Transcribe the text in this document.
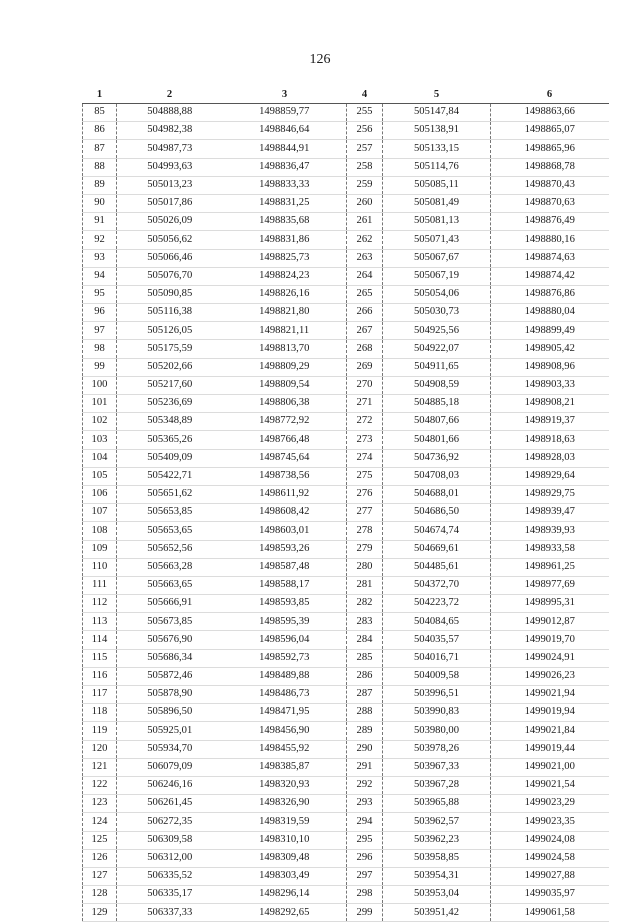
126
1	2	3	4	5	6
85	504888,88	1498859,77	255	505147,84	1498863,66
86	504982,38	1498846,64	256	505138,91	1498865,07
87	504987,73	1498844,91	257	505133,15	1498865,96
88	504993,63	1498836,47	258	505114,76	1498868,78
89	505013,23	1498833,33	259	505085,11	1498870,43
90	505017,86	1498831,25	260	505081,49	1498870,63
91	505026,09	1498835,68	261	505081,13	1498876,49
92	505056,62	1498831,86	262	505071,43	1498880,16
93	505066,46	1498825,73	263	505067,67	1498874,63
94	505076,70	1498824,23	264	505067,19	1498874,42
95	505090,85	1498826,16	265	505054,06	1498876,86
96	505116,38	1498821,80	266	505030,73	1498880,04
97	505126,05	1498821,11	267	504925,56	1498899,49
98	505175,59	1498813,70	268	504922,07	1498905,42
99	505202,66	1498809,29	269	504911,65	1498908,96
100	505217,60	1498809,54	270	504908,59	1498903,33
101	505236,69	1498806,38	271	504885,18	1498908,21
102	505348,89	1498772,92	272	504807,66	1498919,37
103	505365,26	1498766,48	273	504801,66	1498918,63
104	505409,09	1498745,64	274	504736,92	1498928,03
105	505422,71	1498738,56	275	504708,03	1498929,64
106	505651,62	1498611,92	276	504688,01	1498929,75
107	505653,85	1498608,42	277	504686,50	1498939,47
108	505653,65	1498603,01	278	504674,74	1498939,93
109	505652,56	1498593,26	279	504669,61	1498933,58
110	505663,28	1498587,48	280	504485,61	1498961,25
111	505663,65	1498588,17	281	504372,70	1498977,69
112	505666,91	1498593,85	282	504223,72	1498995,31
113	505673,85	1498595,39	283	504084,65	1499012,87
114	505676,90	1498596,04	284	504035,57	1499019,70
115	505686,34	1498592,73	285	504016,71	1499024,91
116	505872,46	1498489,88	286	504009,58	1499026,23
117	505878,90	1498486,73	287	503996,51	1499021,94
118	505896,50	1498471,95	288	503990,83	1499019,94
119	505925,01	1498456,90	289	503980,00	1499021,84
120	505934,70	1498455,92	290	503978,26	1499019,44
121	506079,09	1498385,87	291	503967,33	1499021,00
122	506246,16	1498320,93	292	503967,28	1499021,54
123	506261,45	1498326,90	293	503965,88	1499023,29
124	506272,35	1498319,59	294	503962,57	1499023,35
125	506309,58	1498310,10	295	503962,23	1499024,08
126	506312,00	1498309,48	296	503958,85	1499024,58
127	506335,52	1498303,49	297	503954,31	1499027,88
128	506335,17	1498296,14	298	503953,04	1499035,97
129	506337,33	1498292,65	299	503951,42	1499061,58
